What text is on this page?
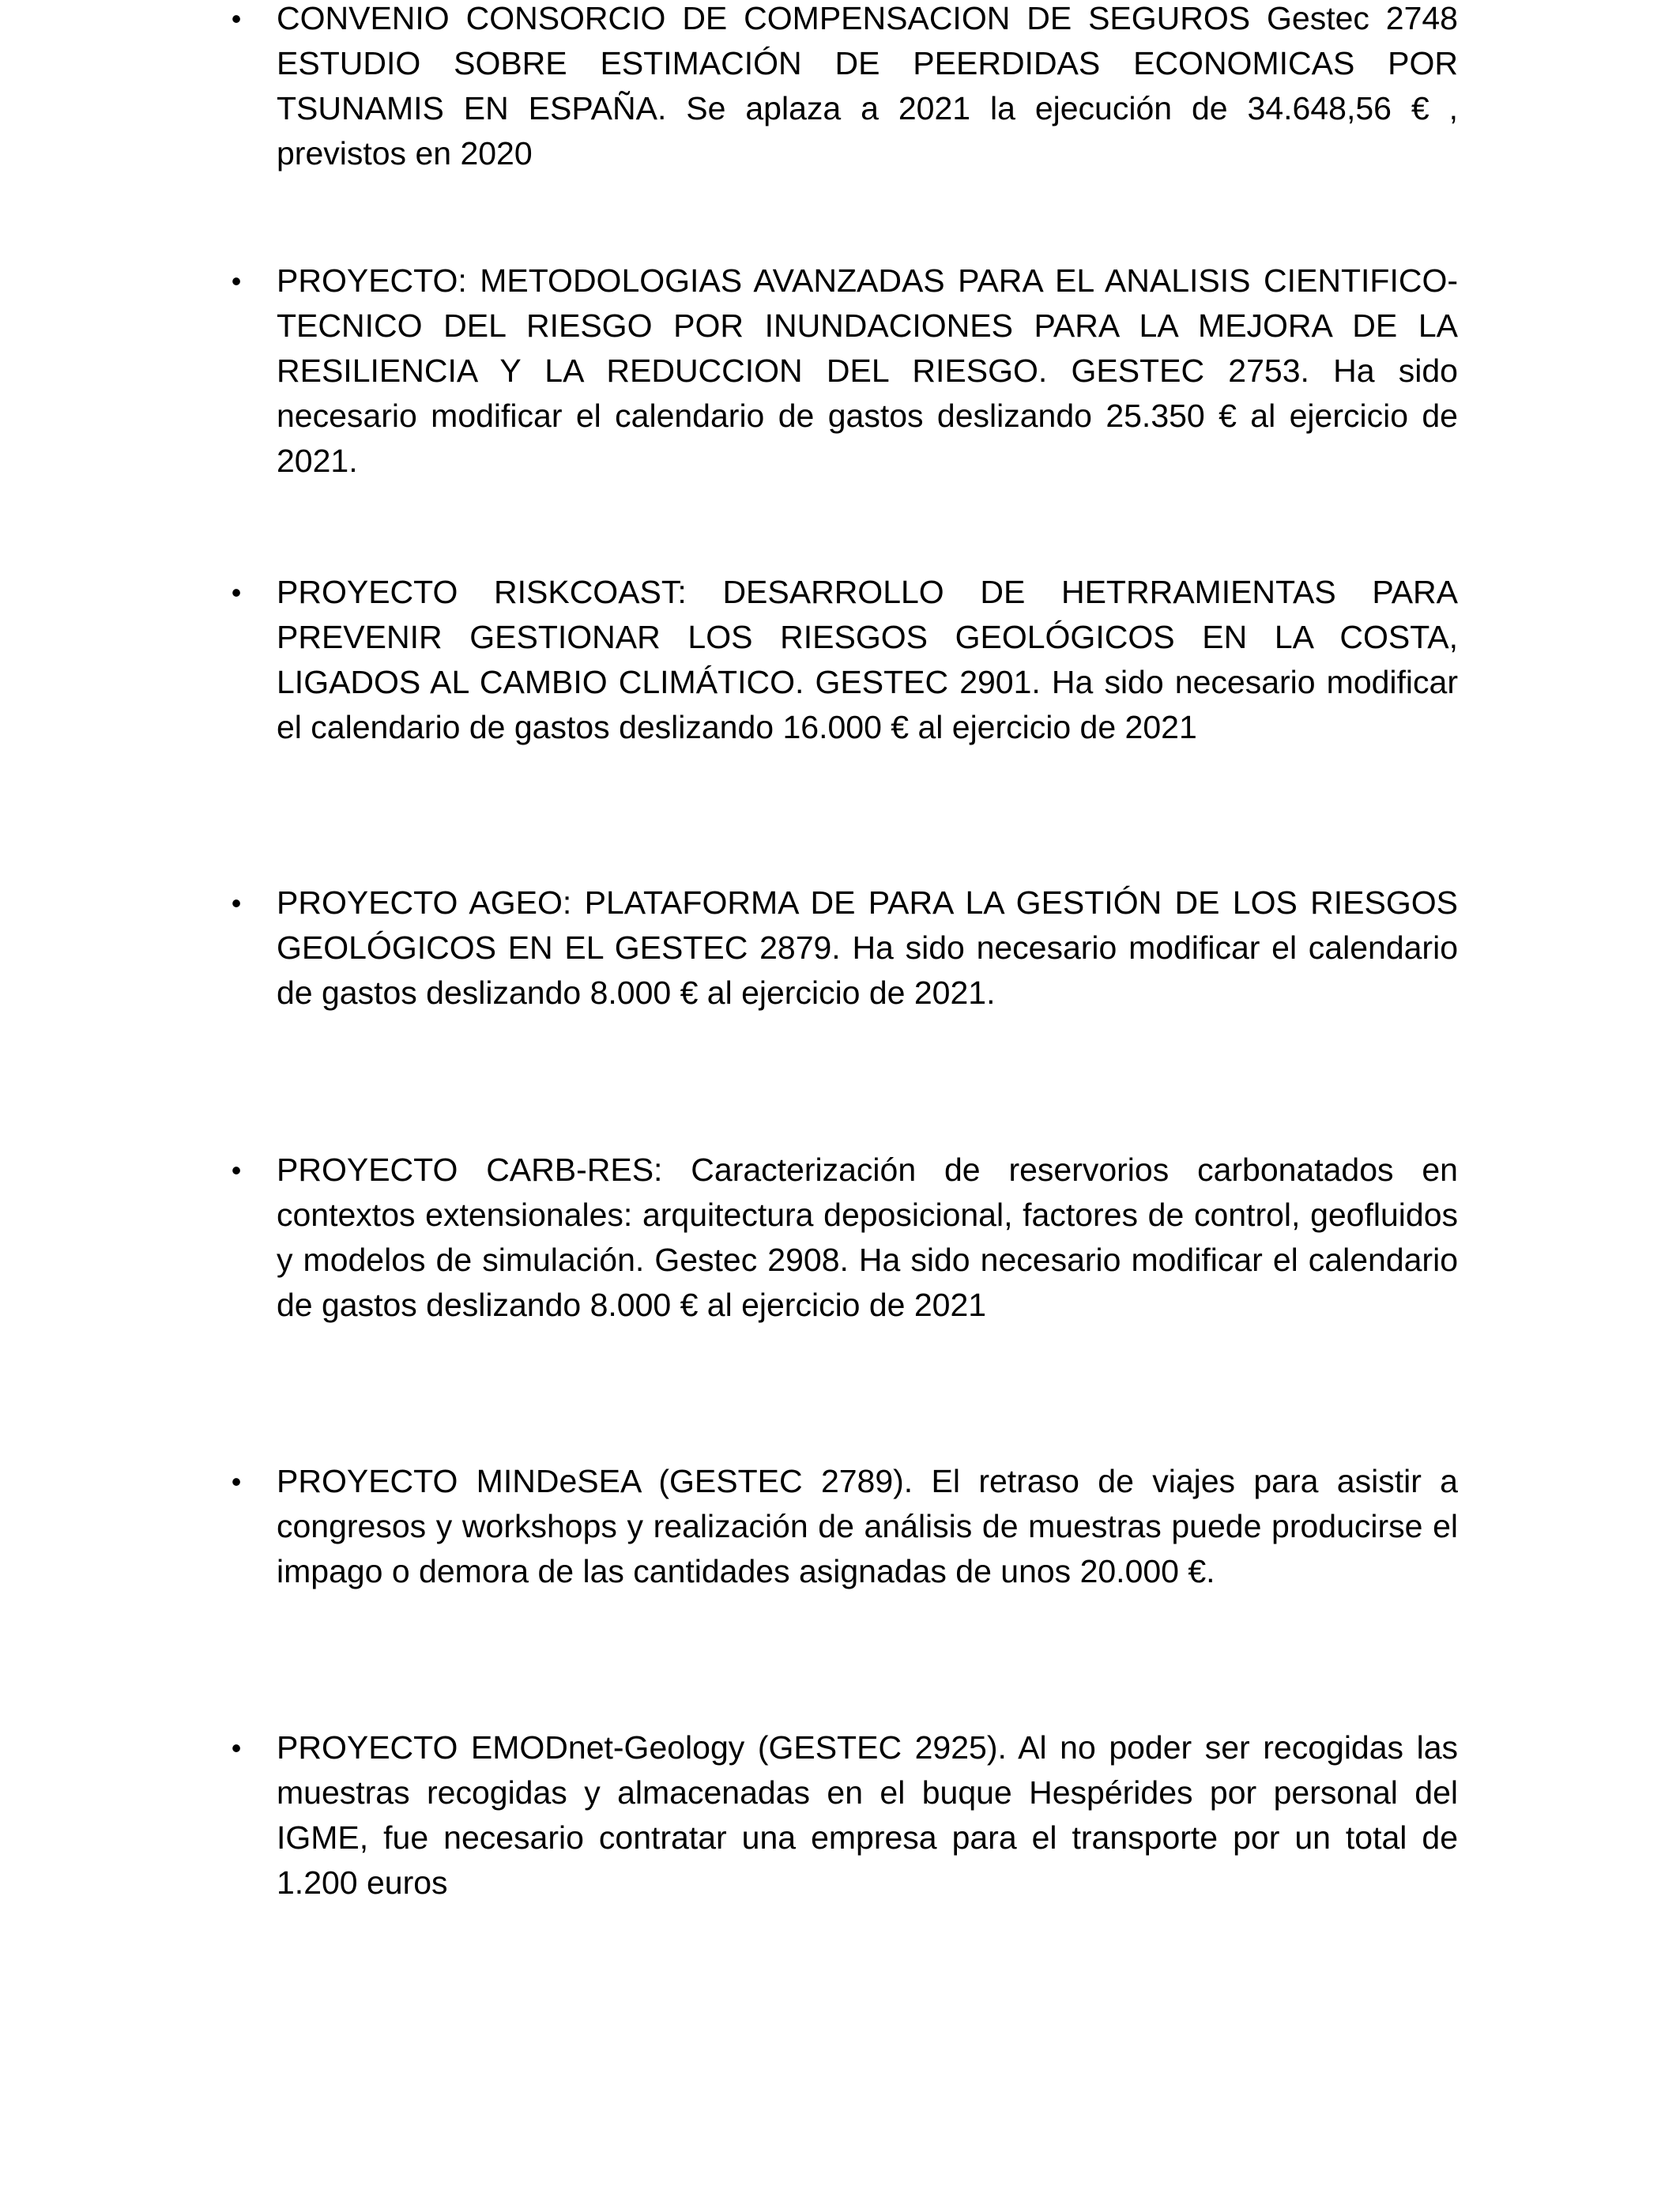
• CONVENIO CONSORCIO DE COMPENSACION DE SEGUROS Gestec 2748 ESTUDIO SOBRE ESTIMACIÓN DE PEERDIDAS ECONOMICAS POR TSUNAMIS EN ESPAÑA. Se aplaza a 2021 la ejecución de 34.648,56 € , previstos en 2020
• PROYECTO: METODOLOGIAS AVANZADAS PARA EL ANALISIS CIENTIFICO-TECNICO DEL RIESGO POR INUNDACIONES PARA LA MEJORA DE LA RESILIENCIA Y LA REDUCCION DEL RIESGO. GESTEC 2753. Ha sido necesario modificar el calendario de gastos deslizando 25.350 € al ejercicio de 2021.
• PROYECTO RISKCOAST: DESARROLLO DE HETRRAMIENTAS PARA PREVENIR GESTIONAR LOS RIESGOS GEOLÓGICOS EN LA COSTA, LIGADOS AL CAMBIO CLIMÁTICO. GESTEC 2901. Ha sido necesario modificar el calendario de gastos deslizando 16.000 € al ejercicio de 2021
• PROYECTO AGEO: PLATAFORMA DE PARA LA GESTIÓN DE LOS RIESGOS GEOLÓGICOS EN EL GESTEC 2879. Ha sido necesario modificar el calendario de gastos deslizando 8.000 € al ejercicio de 2021.
• PROYECTO CARB-RES: Caracterización de reservorios carbonatados en contextos extensionales: arquitectura deposicional, factores de control, geofluidos y modelos de simulación. Gestec 2908. Ha sido necesario modificar el calendario de gastos deslizando 8.000 € al ejercicio de 2021
• PROYECTO MINDeSEA (GESTEC 2789). El retraso de viajes para asistir a congresos y workshops y realización de análisis de muestras puede producirse el impago o demora de las cantidades asignadas de unos 20.000 €.
• PROYECTO EMODnet-Geology (GESTEC 2925). Al no poder ser recogidas las muestras recogidas y almacenadas en el buque Hespérides por personal del IGME, fue necesario contratar una empresa para el transporte por un total de 1.200 euros
